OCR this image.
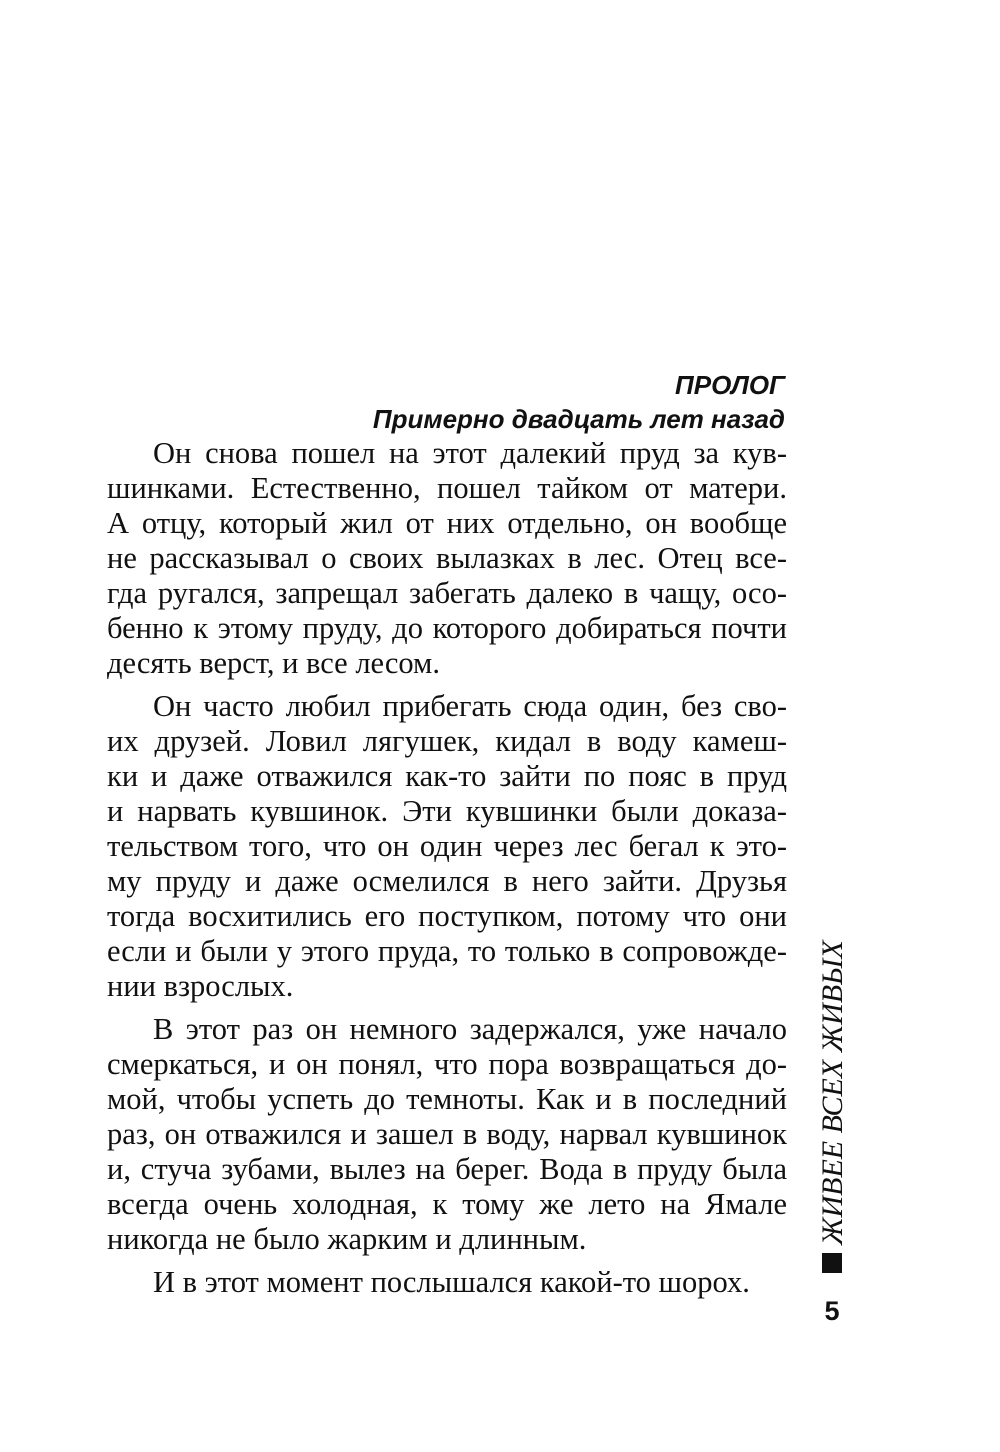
ПРОЛОГ
Примерно двадцать лет назад
Он снова пошел на этот далекий пруд за кув-
шинками. Естественно, пошел тайком от матери.
А отцу, который жил от них отдельно, он вообще
не рассказывал о своих вылазках в лес. Отец все-
гда ругался, запрещал забегать далеко в чащу, осо-
бенно к этому пруду, до которого добираться почти
десять верст, и все лесом.
Он часто любил прибегать сюда один, без сво-
их друзей. Ловил лягушек, кидал в воду камеш-
ки и даже отважился как-то зайти по пояс в пруд
и нарвать кувшинок. Эти кувшинки были доказа-
тельством того, что он один через лес бегал к это-
му пруду и даже осмелился в него зайти. Друзья
тогда восхитились его поступком, потому что они
если и были у этого пруда, то только в сопровожде-
нии взрослых.
В этот раз он немного задержался, уже начало
смеркаться, и он понял, что пора возвращаться до-
мой, чтобы успеть до темноты. Как и в последний
раз, он отважился и зашел в воду, нарвал кувшинок
и, стуча зубами, вылез на берег. Вода в пруду была
всегда очень холодная, к тому же лето на Ямале
никогда не было жарким и длинным.
И в этот момент послышался какой-то шорох.
ЖИВЕЕ ВСЕХ ЖИВЫХ
5
